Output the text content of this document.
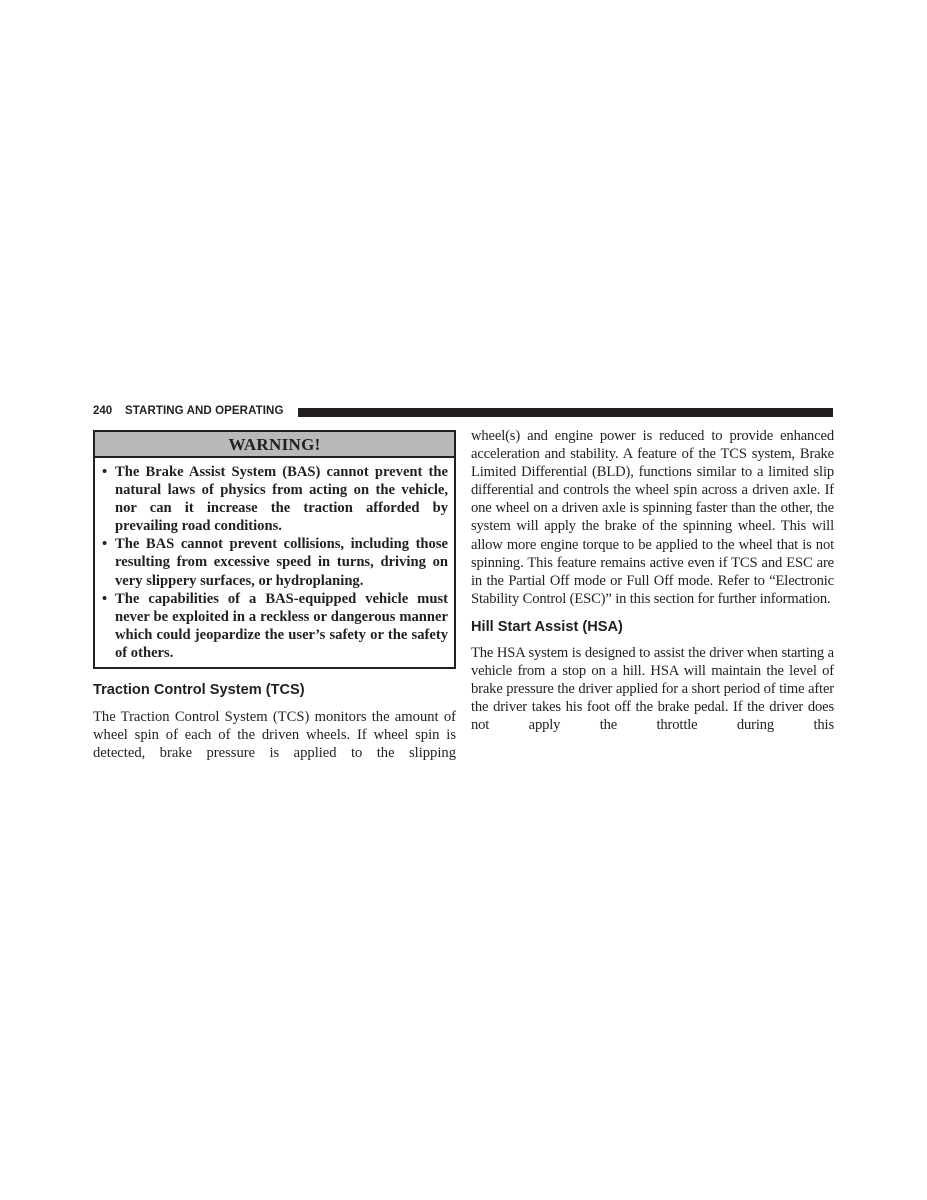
240 STARTING AND OPERATING
WARNING!
• The Brake Assist System (BAS) cannot prevent the natural laws of physics from acting on the vehicle, nor can it increase the traction afforded by prevailing road conditions.
• The BAS cannot prevent collisions, including those resulting from excessive speed in turns, driving on very slippery surfaces, or hydroplaning.
• The capabilities of a BAS-equipped vehicle must never be exploited in a reckless or dangerous manner which could jeopardize the user’s safety or the safety of others.
Traction Control System (TCS)

The Traction Control System (TCS) monitors the amount of wheel spin of each of the driven wheels. If wheel spin is detected, brake pressure is applied to the slipping

wheel(s) and engine power is reduced to provide enhanced acceleration and stability. A feature of the TCS system, Brake Limited Differential (BLD), functions similar to a limited slip differential and controls the wheel spin across a driven axle. If one wheel on a driven axle is spinning faster than the other, the system will apply the brake of the spinning wheel. This will allow more engine torque to be applied to the wheel that is not spinning. This feature remains active even if TCS and ESC are in the Partial Off mode or Full Off mode. Refer to “Electronic Stability Control (ESC)” in this section for further information.

Hill Start Assist (HSA)

The HSA system is designed to assist the driver when starting a vehicle from a stop on a hill. HSA will maintain the level of brake pressure the driver applied for a short period of time after the driver takes his foot off the brake pedal. If the driver does not apply the throttle during this
